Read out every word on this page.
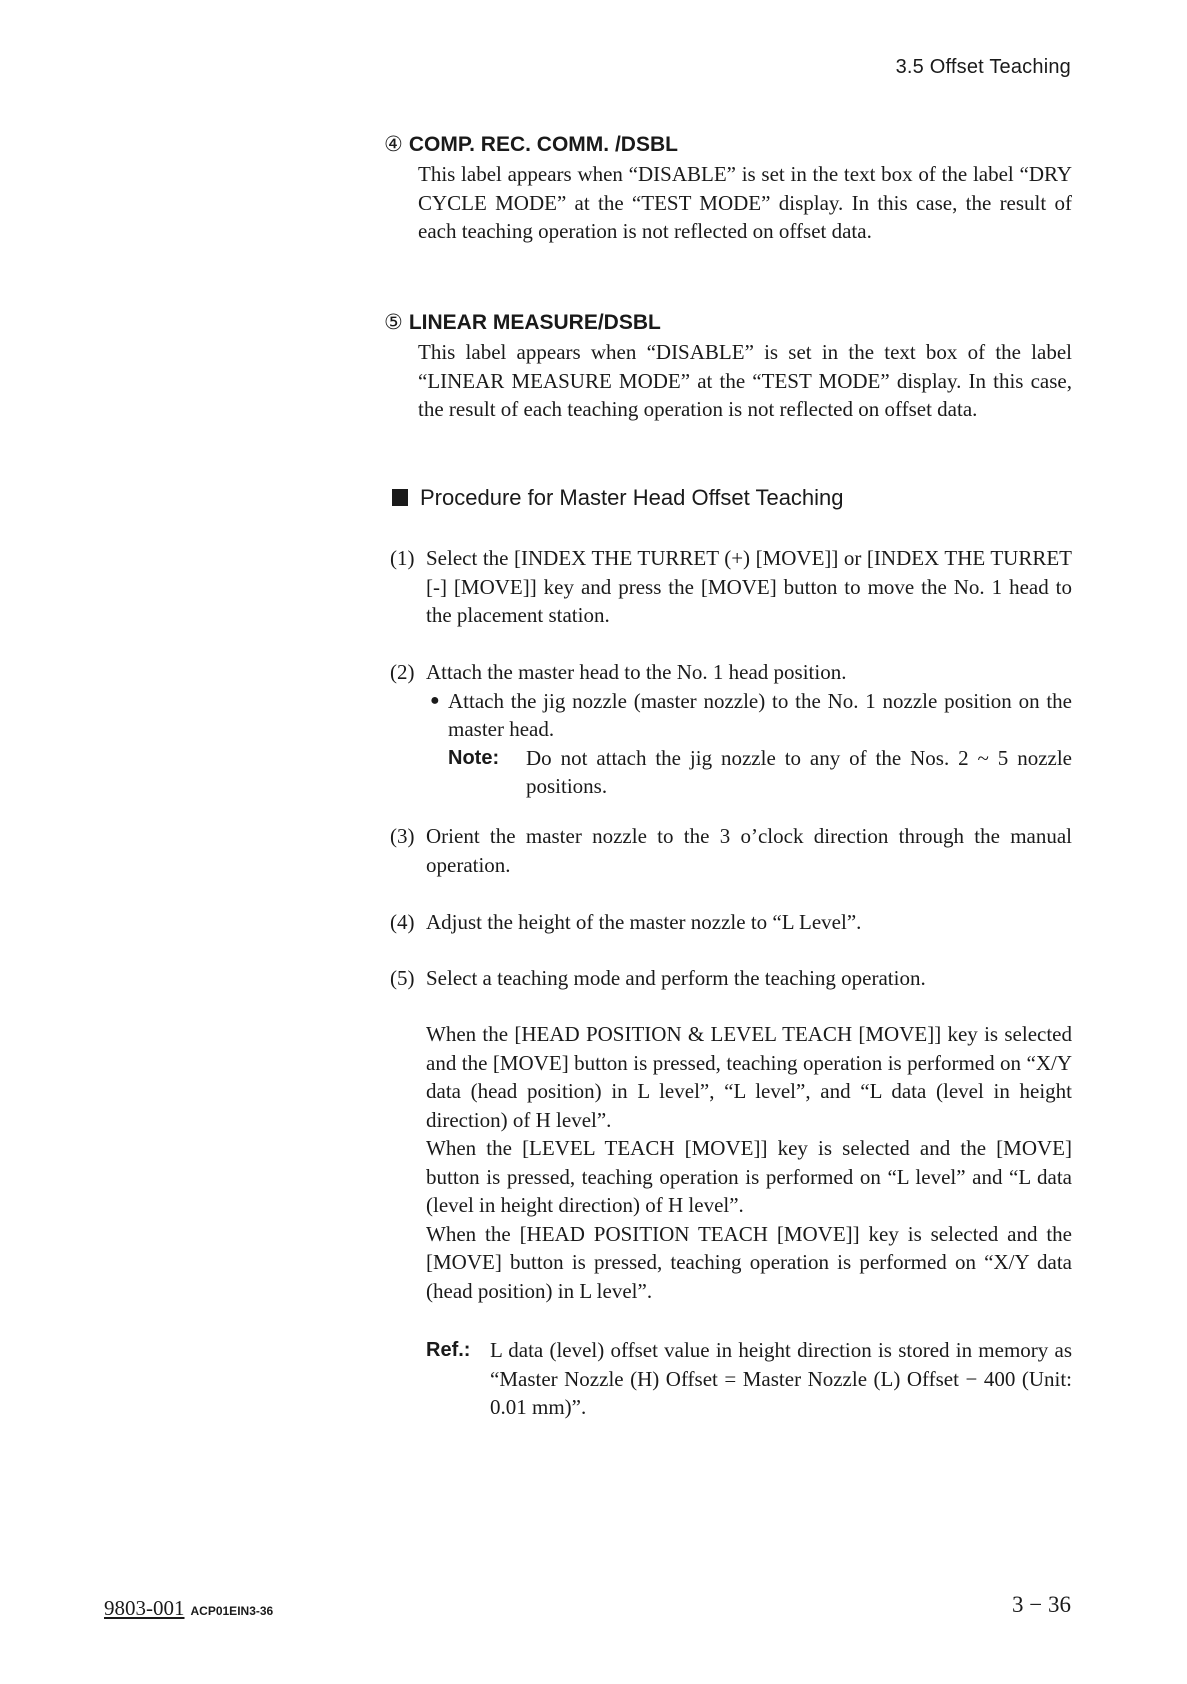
3.5 Offset Teaching
④ COMP. REC. COMM. /DSBL

This label appears when “DISABLE” is set in the text box of the label “DRY CYCLE MODE” at the “TEST MODE” display. In this case, the result of each teaching operation is not reflected on offset data.

⑤ LINEAR MEASURE/DSBL

This label appears when “DISABLE” is set in the text box of the label “LINEAR MEASURE MODE” at the “TEST MODE” display. In this case, the result of each teaching operation is not reflected on offset data.

Procedure for Master Head Offset Teaching
(1) Select the [INDEX THE TURRET (+) [MOVE]] or [INDEX THE TURRET [-] [MOVE]] key and press the [MOVE] button to move the No. 1 head to the placement station.
(2) Attach the master head to the No. 1 head position.
● Attach the jig nozzle (master nozzle) to the No. 1 nozzle position on the master head.
Note: Do not attach the jig nozzle to any of the Nos. 2 ~ 5 nozzle positions.
(3) Orient the master nozzle to the 3 o’clock direction through the manual operation.
(4) Adjust the height of the master nozzle to “L Level”.
(5) Select a teaching mode and perform the teaching operation.

When the [HEAD POSITION & LEVEL TEACH [MOVE]] key is selected and the [MOVE] button is pressed, teaching operation is performed on “X/Y data (head position) in L level”, “L level”, and “L data (level in height direction) of H level”.

When the [LEVEL TEACH [MOVE]] key is selected and the [MOVE] button is pressed, teaching operation is performed on “L level” and “L data (level in height direction) of H level”.

When the [HEAD POSITION TEACH [MOVE]] key is selected and the [MOVE] button is pressed, teaching operation is performed on “X/Y data (head position) in L level”.

Ref.: L data (level) offset value in height direction is stored in memory as “Master Nozzle (H) Offset = Master Nozzle (L) Offset − 400 (Unit: 0.01 mm)”.
9803-001 ACP01EIN3-36	3 − 36
